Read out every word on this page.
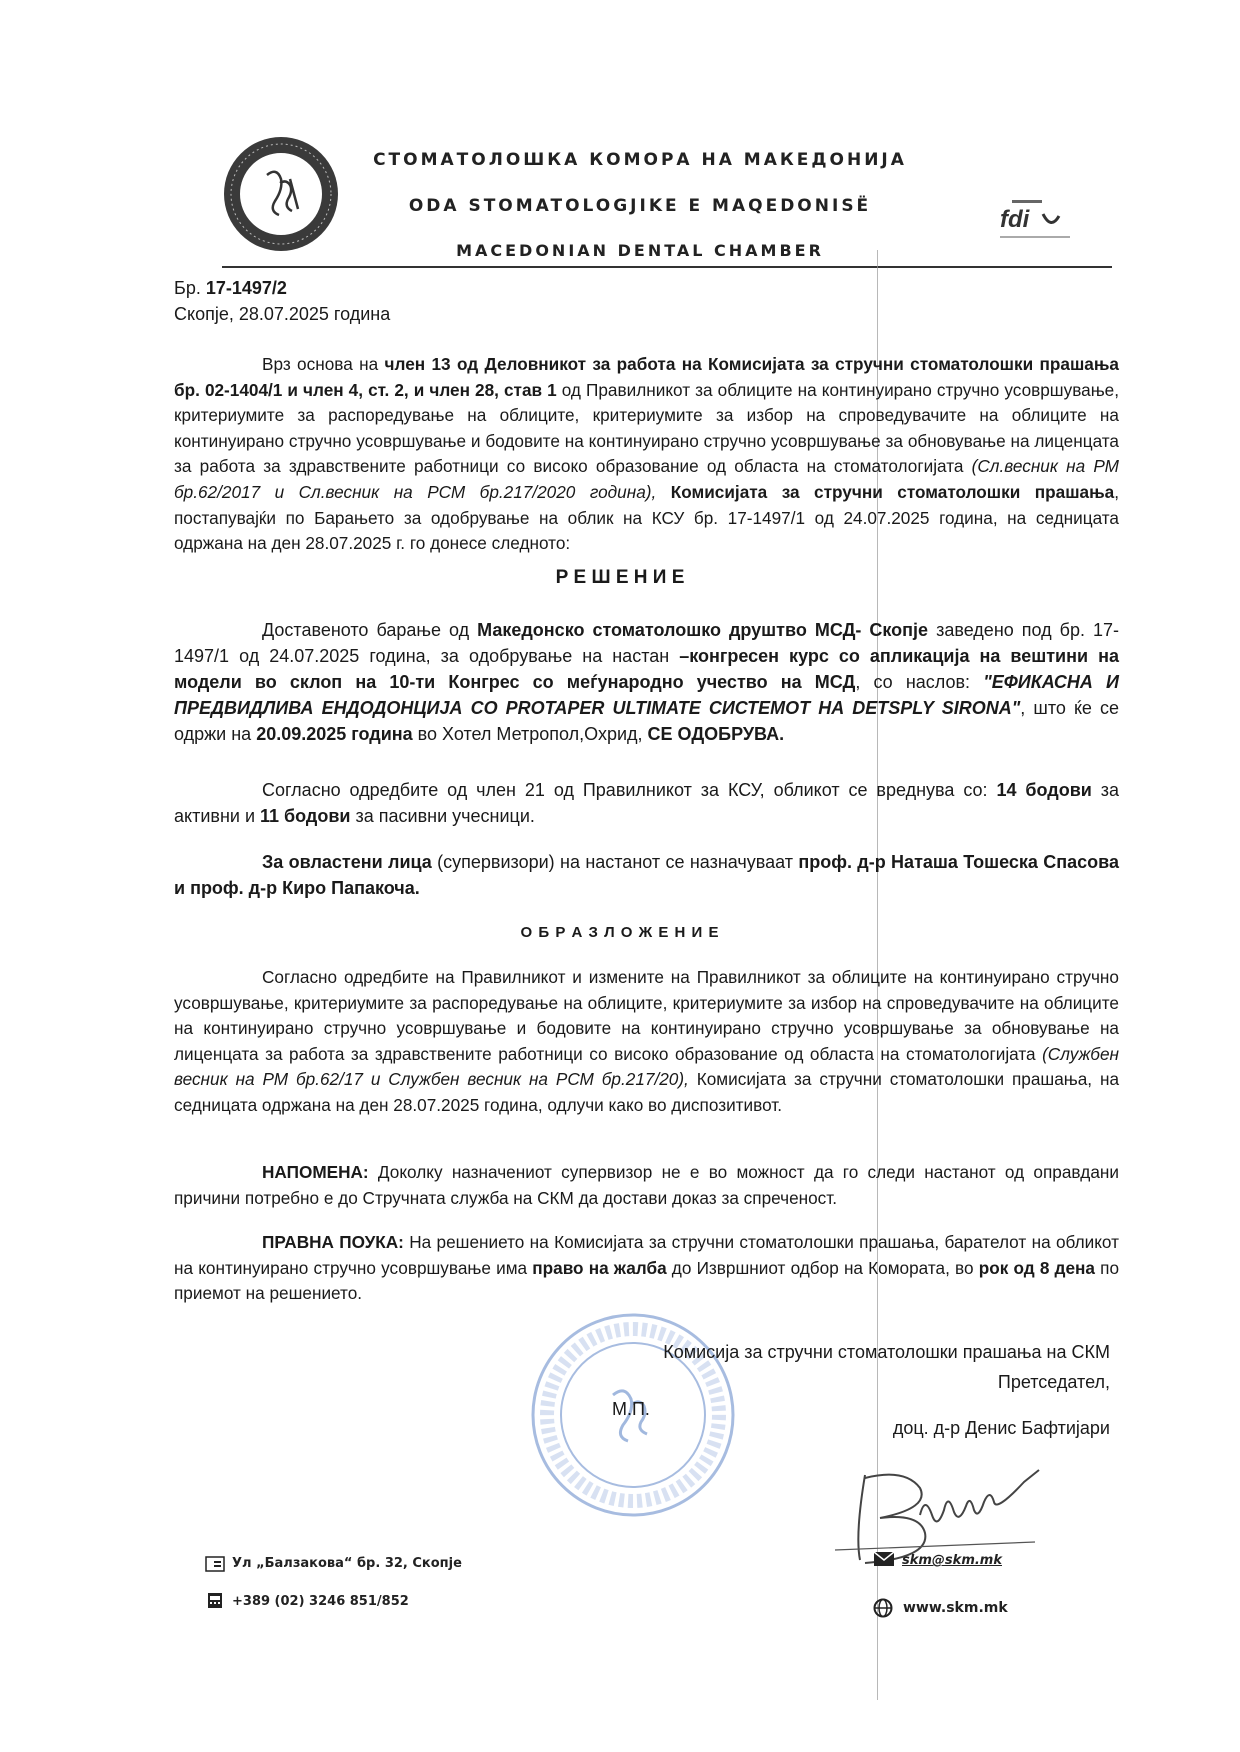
СТОМАТОЛОШКА КОМОРА НА МАКЕДОНИЈА
ODA STOMATOLOGJIKE E MAQEDONISË
MACEDONIAN DENTAL CHAMBER
fdi
Бр. 17-1497/2
Скопје, 28.07.2025 година

Врз основа на член 13 од Деловникот за работа на Комисијата за стручни стоматолошки прашања бр. 02-1404/1 и член 4, ст. 2, и член 28, став 1 од Правилникот за облиците на континуирано стручно усовршување, критериумите за распоредување на облиците, критериумите за избор на спроведувачите на облиците на континуирано стручно усовршување и бодовите на континуирано стручно усовршување за обновување на лиценцата за работа за здравствените работници со високо образование од областа на стоматологијата (Сл.весник на РМ бр.62/2017 и Сл.весник на РСМ бр.217/2020 година), Комисијата за стручни стоматолошки прашања, постапувајќи по Барањето за одобрување на облик на КСУ бр. 17-1497/1 од 24.07.2025 година, на седницата одржана на ден 28.07.2025 г. го донесе следното:

Р Е Ш Е Н И Е

Доставеното барање од Македонско стоматолошко друштво МСД- Скопје заведено под бр. 17-1497/1 од 24.07.2025 година, за одобрување на настан –конгресен курс со апликација на вештини на модели во склоп на 10-ти Конгрес со меѓународно учество на МСД, со наслов: "ЕФИКАСНА И ПРЕДВИДЛИВА ЕНДОДОНЦИЈА СО PROTAPER ULTIMATE СИСТЕМОТ НА DETSPLY SIRONA", што ќе се одржи на 20.09.2025 година во Хотел Метропол,Охрид, СЕ ОДОБРУВА.

Согласно одредбите од член 21 од Правилникот за КСУ, обликот се вреднува со: 14 бодови за активни и 11 бодови за пасивни учесници.

За овластени лица (супервизори) на настанот се назначуваат проф. д-р Наташа Тошеска Спасова и проф. д-р Киро Папакоча.

О Б Р А З Л О Ж Е Н И Е

Согласно одредбите на Правилникот и измените на Правилникот за облиците на континуирано стручно усовршување, критериумите за распоредување на облиците, критериумите за избор на спроведувачите на облиците на континуирано стручно усовршување и бодовите на континуирано стручно усовршување за обновување на лиценцата за работа за здравствените работници со високо образование од областа на стоматологијата (Службен весник на РМ бр.62/17 и Службен весник на РСМ бр.217/20), Комисијата за стручни стоматолошки прашања, на седницата одржана на ден 28.07.2025 година, одлучи како во диспозитивот.

НАПОМЕНА: Доколку назначениот супервизор не е во можност да го следи настанот од оправдани причини потребно е до Стручната служба на СКМ да достави доказ за спреченост.

ПРАВНА ПОУКА: На решението на Комисијата за стручни стоматолошки прашања, барателот на обликот на континуирано стручно усовршување има право на жалба до Извршниот одбор на Комората, во рок од 8 дена по приемот на решението.

Комисија за стручни стоматолошки прашања на СКМ
Претседател,
доц. д-р Денис Бафтијари
М.П.
Ул „Балзакова“ бр. 32, Скопје
+389 (02) 3246 851/852
skm@skm.mk
www.skm.mk
